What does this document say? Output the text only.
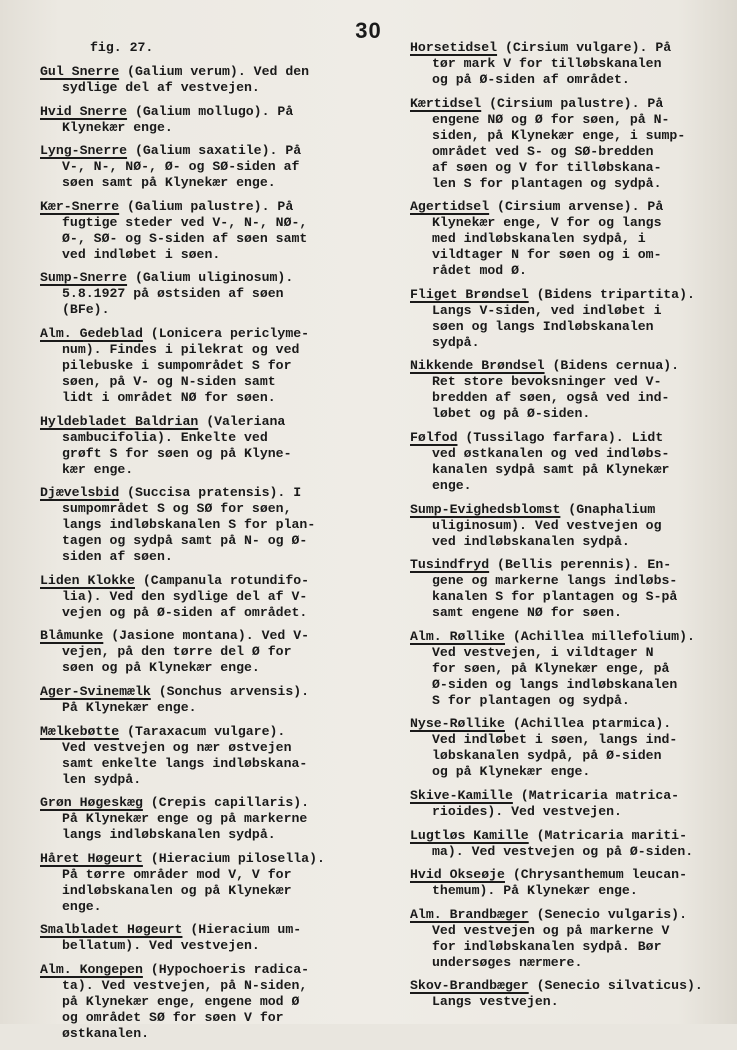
30
fig. 27.
Gul Snerre (Galium verum). Ved den
sydlige del af vestvejen.
Hvid Snerre (Galium mollugo). På
Klynekær enge.
Lyng-Snerre (Galium saxatile). På
V-, N-, NØ-, Ø- og SØ-siden af
søen samt på Klynekær enge.
Kær-Snerre (Galium palustre). På
fugtige steder ved V-, N-, NØ-,
Ø-, SØ- og S-siden af søen samt
ved indløbet i søen.
Sump-Snerre (Galium uliginosum).
5.8.1927 på østsiden af søen
(BFe).
Alm. Gedeblad (Lonicera periclyme-
num). Findes i pilekrat og ved
pilebuske i sumpområdet S for
søen, på V- og N-siden samt
lidt i området NØ for søen.
Hyldebladet Baldrian (Valeriana
sambucifolia). Enkelte ved
grøft S for søen og på Klyne-
kær enge.
Djævelsbid (Succisa pratensis). I
sumpområdet S og SØ for søen,
langs indløbskanalen S for plan-
tagen og sydpå samt på N- og Ø-
siden af søen.
Liden Klokke (Campanula rotundifo-
lia). Ved den sydlige del af V-
vejen og på Ø-siden af området.
Blåmunke (Jasione montana). Ved V-
vejen, på den tørre del Ø for
søen og på Klynekær enge.
Ager-Svinemælk (Sonchus arvensis).
På Klynekær enge.
Mælkebøtte (Taraxacum vulgare).
Ved vestvejen og nær østvejen
samt enkelte langs indløbskana-
len sydpå.
Grøn Høgeskæg (Crepis capillaris).
På Klynekær enge og på markerne
langs indløbskanalen sydpå.
Håret Høgeurt (Hieracium pilosella).
På tørre områder mod V, V for
indløbskanalen og på Klynekær
enge.
Smalbladet Høgeurt (Hieracium um-
bellatum). Ved vestvejen.
Alm. Kongepen (Hypochoeris radica-
ta). Ved vestvejen, på N-siden,
på Klynekær enge, engene mod Ø
og området SØ for søen V for
østkanalen.
Horsetidsel (Cirsium vulgare). På
tør mark V for tilløbskanalen
og på Ø-siden af området.
Kærtidsel (Cirsium palustre). På
engene NØ og Ø for søen, på N-
siden, på Klynekær enge, i sump-
området ved S- og SØ-bredden
af søen og V for tilløbskana-
len S for plantagen og sydpå.
Agertidsel (Cirsium arvense). På
Klynekær enge, V for og langs
med indløbskanalen sydpå, i
vildtager N for søen og i om-
rådet mod Ø.
Fliget Brøndsel (Bidens tripartita).
Langs V-siden, ved indløbet i
søen og langs Indløbskanalen
sydpå.
Nikkende Brøndsel (Bidens cernua).
Ret store bevoksninger ved V-
bredden af søen, også ved ind-
løbet og på Ø-siden.
Følfod (Tussilago farfara). Lidt
ved østkanalen og ved indløbs-
kanalen sydpå samt på Klynekær
enge.
Sump-Evighedsblomst (Gnaphalium
uliginosum). Ved vestvejen og
ved indløbskanalen sydpå.
Tusindfryd (Bellis perennis). En-
gene og markerne langs indløbs-
kanalen S for plantagen og S-på
samt engene NØ for søen.
Alm. Røllike (Achillea millefolium).
Ved vestvejen, i vildtager N
for søen, på Klynekær enge, på
Ø-siden og langs indløbskanalen
S for plantagen og sydpå.
Nyse-Røllike (Achillea ptarmica).
Ved indløbet i søen, langs ind-
løbskanalen sydpå, på Ø-siden
og på Klynekær enge.
Skive-Kamille (Matricaria matrica-
rioides). Ved vestvejen.
Lugtløs Kamille (Matricaria mariti-
ma). Ved vestvejen og på Ø-siden.
Hvid Okseøje (Chrysanthemum leucan-
themum). På Klynekær enge.
Alm. Brandbæger (Senecio vulgaris).
Ved vestvejen og på markerne V
for indløbskanalen sydpå. Bør
undersøges nærmere.
Skov-Brandbæger (Senecio silvaticus).
Langs vestvejen.
